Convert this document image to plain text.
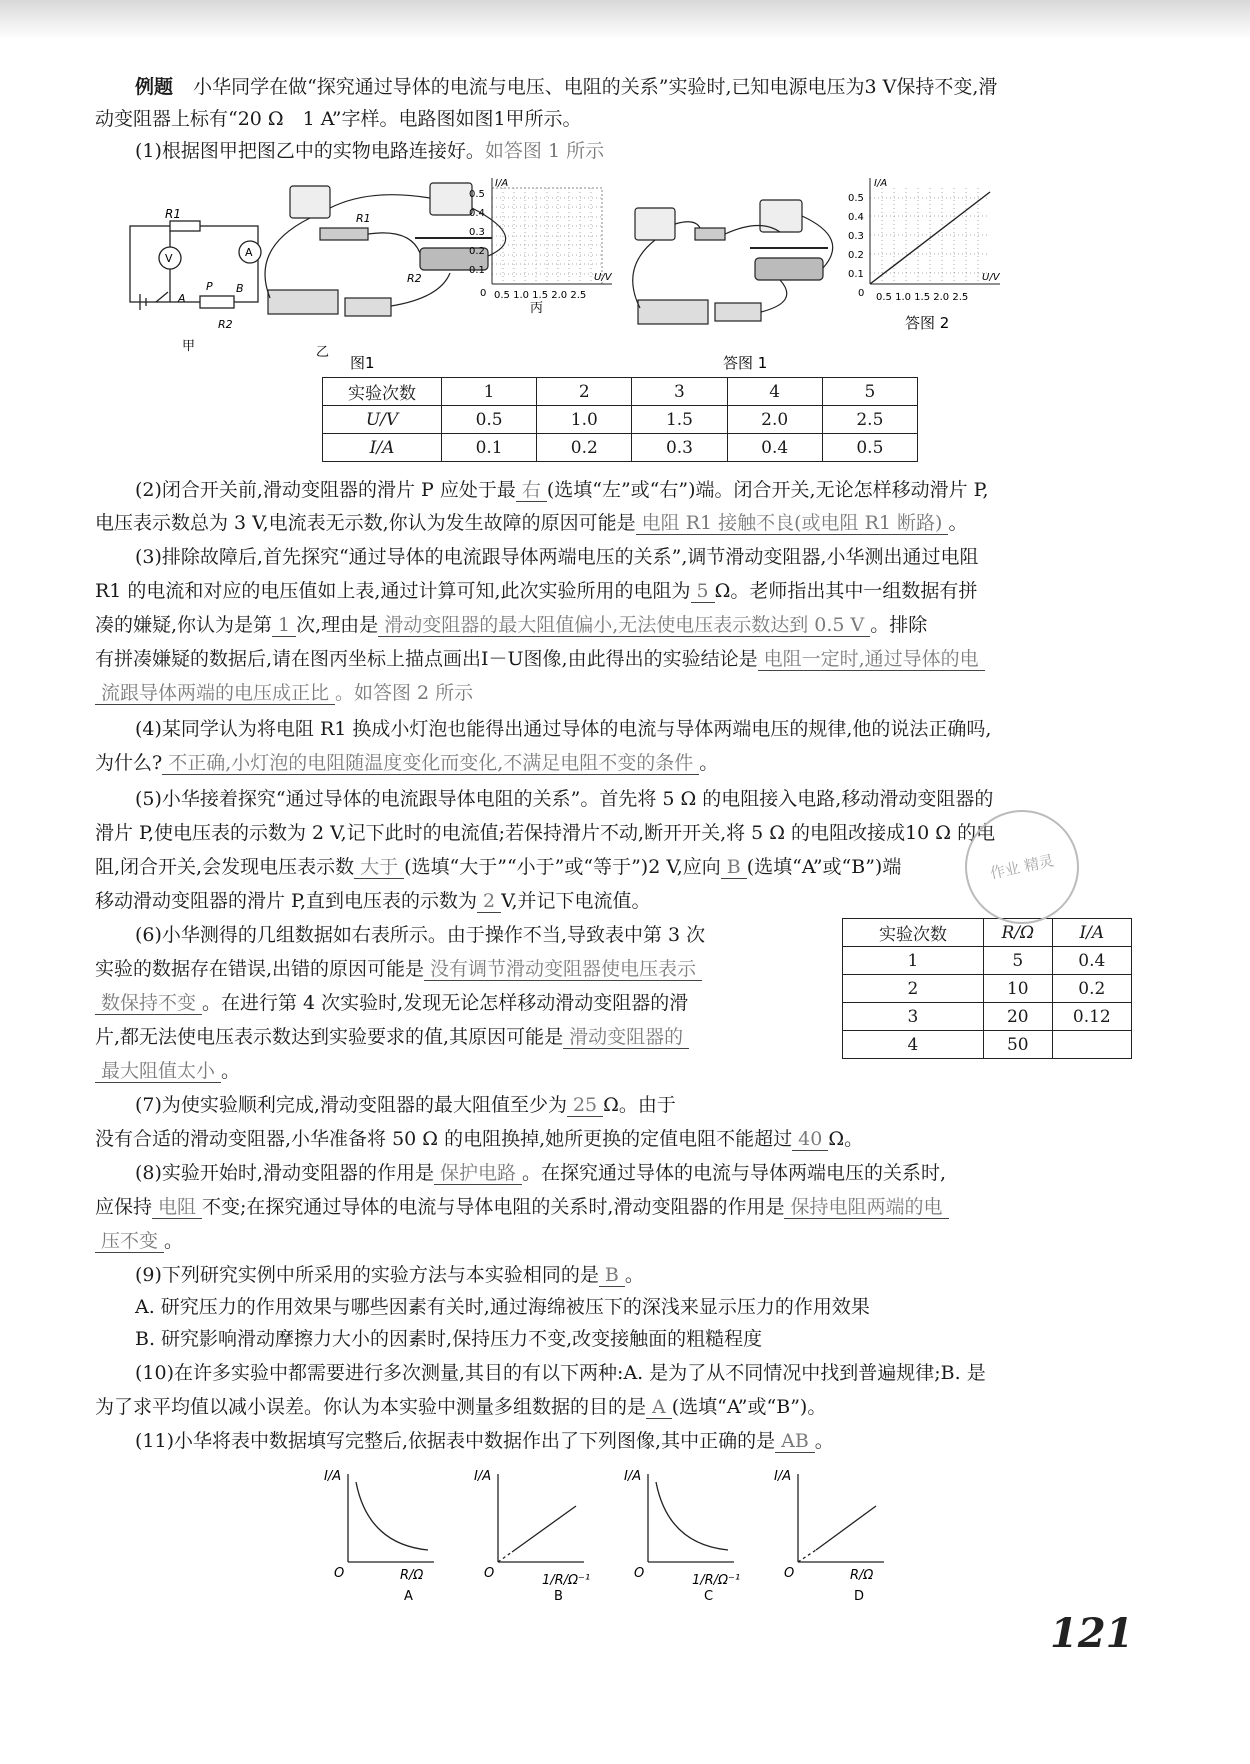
例题 小华同学在做“探究通过导体的电流与电压、电阻的关系”实验时,已知电源电压为3 V保持不变,滑
动变阻器上标有“20 Ω　1 A”字样。电路图如图1甲所示。
(1)根据图甲把图乙中的实物电路连接好。如答图 1 所示
R1
V	A
P
R2
A
B
甲
R1
R2
乙
图1
I/A
U/V
0.5
0.4
0.3
0.2
0.1
0 0.5 1.0 1.5 2.0 2.5
丙
答图 1
I/A
U/V
0.5
0.4
0.3
0.2
0.1
0 0.5 1.0 1.5 2.0 2.5
答图 2
实验次数	1	2	3	4	5
U/V	0.5	1.0	1.5	2.0	2.5
I/A	0.1	0.2	0.3	0.4	0.5
(2)闭合开关前,滑动变阻器的滑片 P 应处于最 右 (选填“左”或“右”)端。闭合开关,无论怎样移动滑片 P,
电压表示数总为 3 V,电流表无示数,你认为发生故障的原因可能是 电阻 R1 接触不良(或电阻 R1 断路) 。
(3)排除故障后,首先探究“通过导体的电流跟导体两端电压的关系”,调节滑动变阻器,小华测出通过电阻
R1 的电流和对应的电压值如上表,通过计算可知,此次实验所用的电阻为 5 Ω。老师指出其中一组数据有拼
凑的嫌疑,你认为是第 1 次,理由是 滑动变阻器的最大阻值偏小,无法使电压表示数达到 0.5 V 。排除
有拼凑嫌疑的数据后,请在图丙坐标上描点画出I－U图像,由此得出的实验结论是 电阻一定时,通过导体的电
流跟导体两端的电压成正比 。如答图 2 所示
(4)某同学认为将电阻 R1 换成小灯泡也能得出通过导体的电流与导体两端电压的规律,他的说法正确吗,
为什么? 不正确,小灯泡的电阻随温度变化而变化,不满足电阻不变的条件 。
(5)小华接着探究“通过导体的电流跟导体电阻的关系”。首先将 5 Ω 的电阻接入电路,移动滑动变阻器的
滑片 P,使电压表的示数为 2 V,记下此时的电流值;若保持滑片不动,断开开关,将 5 Ω 的电阻改接成10 Ω 的电
阻,闭合开关,会发现电压表示数 大于 (选填“大于”“小于”或“等于”)2 V,应向 B (选填“A”或“B”)端
移动滑动变阻器的滑片 P,直到电压表的示数为 2 V,并记下电流值。
(6)小华测得的几组数据如右表所示。由于操作不当,导致表中第 3 次
实验的数据存在错误,出错的原因可能是 没有调节滑动变阻器使电压表示
数保持不变 。在进行第 4 次实验时,发现无论怎样移动滑动变阻器的滑
片,都无法使电压表示数达到实验要求的值,其原因可能是 滑动变阻器的
最大阻值太小 。
实验次数	R/Ω	I/A
1	5	0.4
2	10	0.2
3	20	0.12
4	50	
作业 精灵
(7)为使实验顺利完成,滑动变阻器的最大阻值至少为 25 Ω。由于
没有合适的滑动变阻器,小华准备将 50 Ω 的电阻换掉,她所更换的定值电阻不能超过 40 Ω。
(8)实验开始时,滑动变阻器的作用是 保护电路 。在探究通过导体的电流与导体两端电压的关系时,
应保持 电阻 不变;在探究通过导体的电流与导体电阻的关系时,滑动变阻器的作用是 保持电阻两端的电
压不变 。
(9)下列研究实例中所采用的实验方法与本实验相同的是 B 。
A. 研究压力的作用效果与哪些因素有关时,通过海绵被压下的深浅来显示压力的作用效果
B. 研究影响滑动摩擦力大小的因素时,保持压力不变,改变接触面的粗糙程度
(10)在许多实验中都需要进行多次测量,其目的有以下两种:A. 是为了从不同情况中找到普遍规律;B. 是
为了求平均值以减小误差。你认为本实验中测量多组数据的目的是 A (选填“A”或“B”)。
(11)小华将表中数据填写完整后,依据表中数据作出了下列图像,其中正确的是 AB 。
I/A	I/A	I/A	I/A
O	O	O	O
R/Ω	1/R/Ω⁻¹	1/R/Ω⁻¹	R/Ω
A	B	C	D
121
